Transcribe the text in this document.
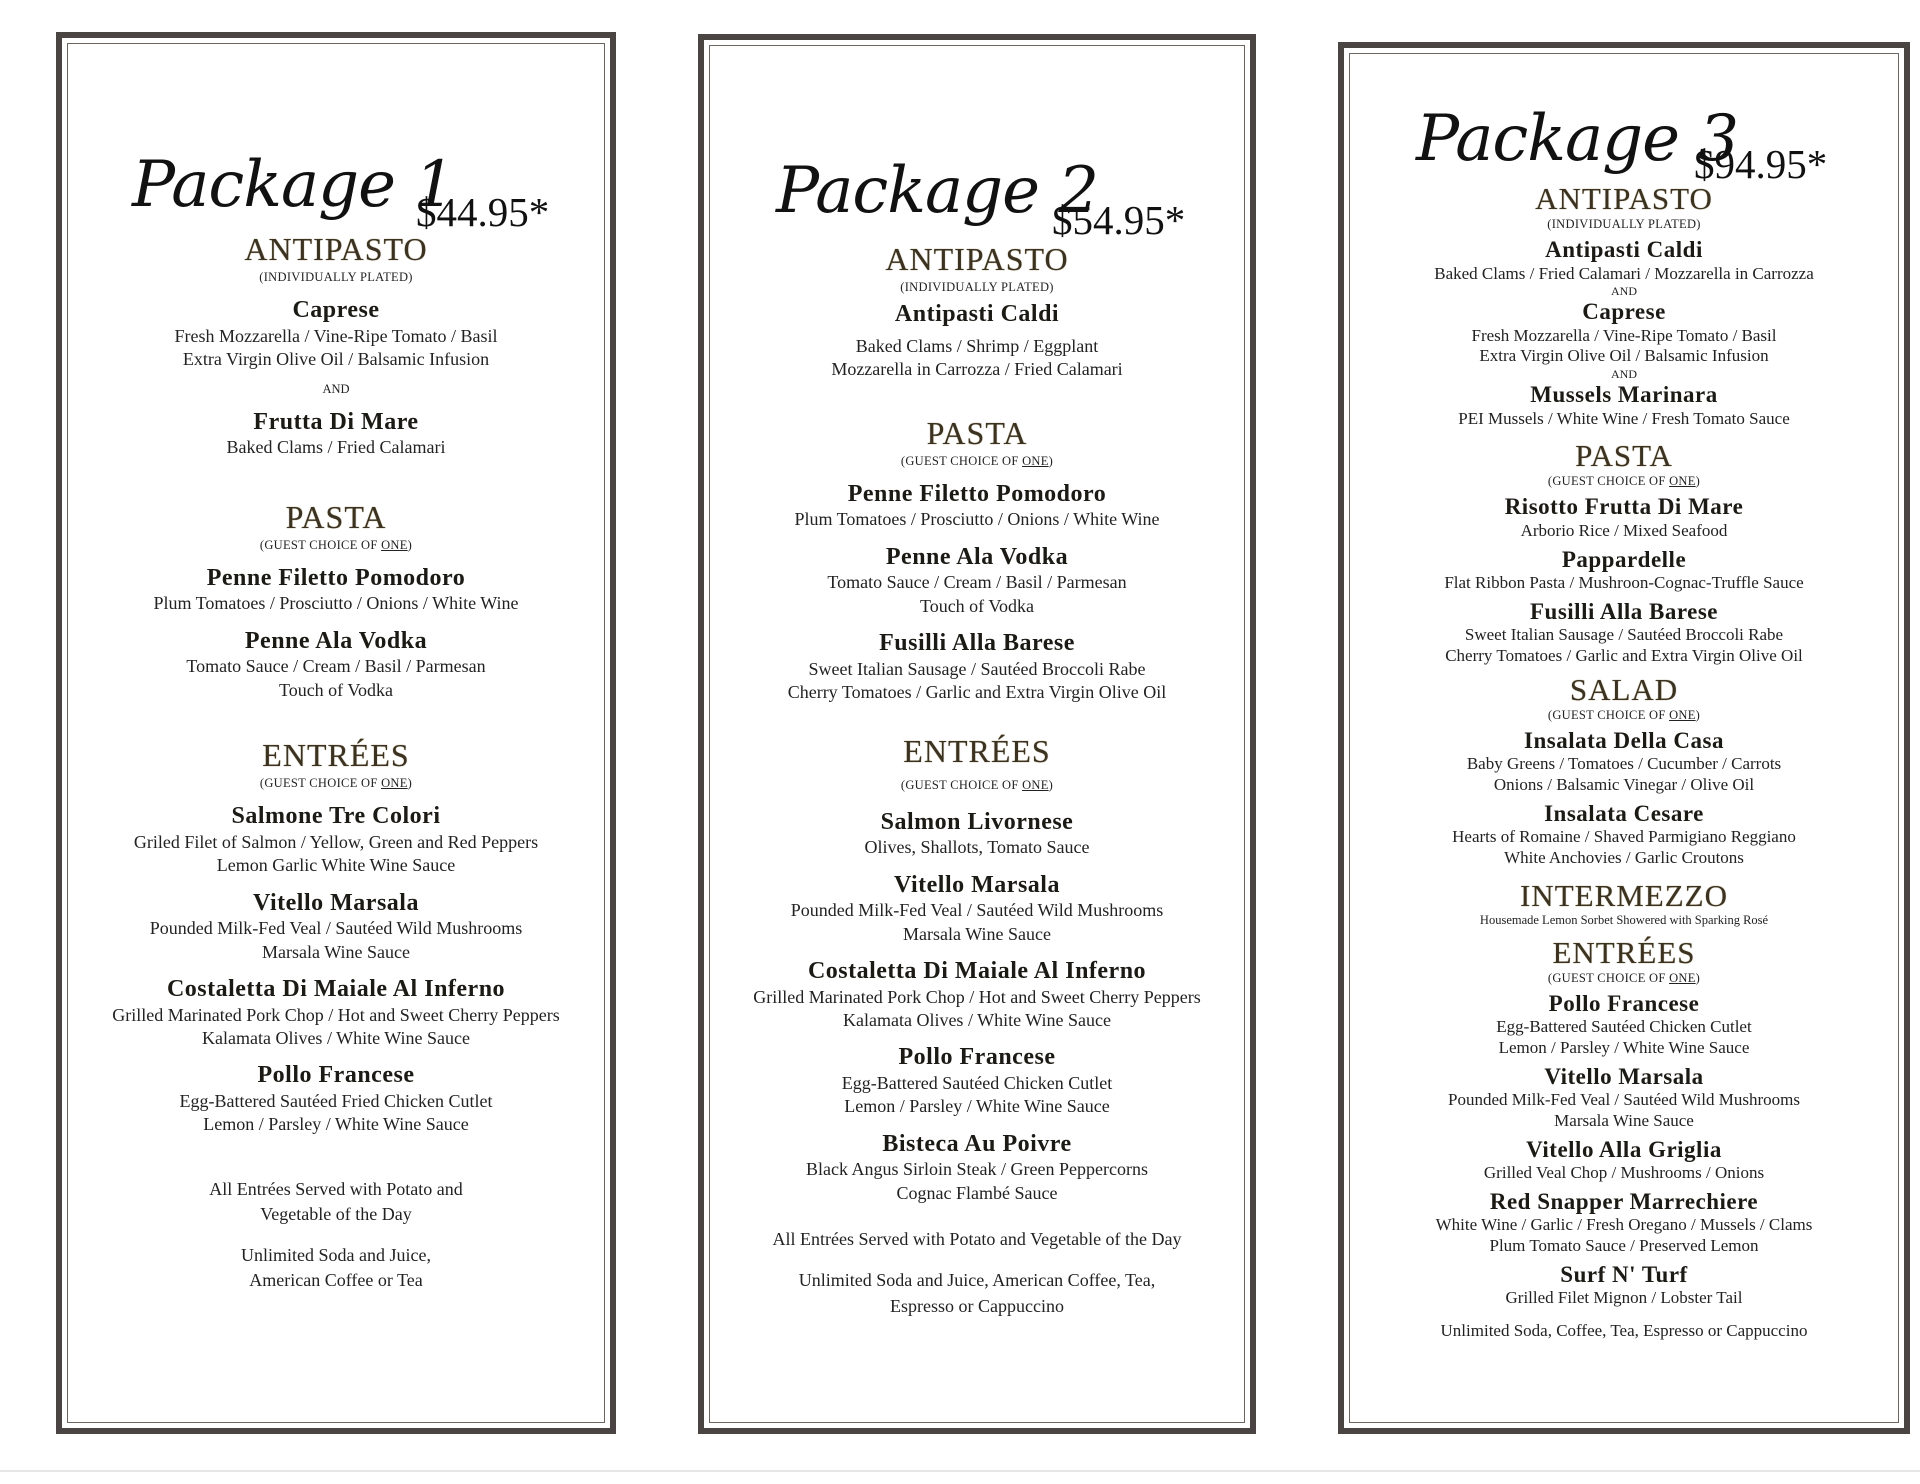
Package 1
$44.95*
ANTIPASTO
(INDIVIDUALLY PLATED)
Caprese
Fresh Mozzarella / Vine-Ripe Tomato / Basil
Extra Virgin Olive Oil / Balsamic Infusion
AND
Frutta Di Mare
Baked Clams / Fried Calamari
PASTA
(GUEST CHOICE OF ONE)
Penne Filetto Pomodoro
Plum Tomatoes / Prosciutto / Onions / White Wine
Penne Ala Vodka
Tomato Sauce / Cream / Basil / Parmesan
Touch of Vodka
ENTRÉES
(GUEST CHOICE OF ONE)
Salmone Tre Colori
Griled Filet of Salmon / Yellow, Green and Red Peppers
Lemon Garlic White Wine Sauce
Vitello Marsala
Pounded Milk-Fed Veal / Sautéed Wild Mushrooms
Marsala Wine Sauce
Costaletta Di Maiale Al Inferno
Grilled Marinated Pork Chop / Hot and Sweet Cherry Peppers
Kalamata Olives / White Wine Sauce
Pollo Francese
Egg-Battered Sautéed Fried Chicken Cutlet
Lemon / Parsley / White Wine Sauce
All Entrées Served with Potato and
Vegetable of the Day
Unlimited Soda and Juice,
American Coffee or Tea
Package 2
$54.95*
ANTIPASTO
(INDIVIDUALLY PLATED)
Antipasti Caldi
Baked Clams / Shrimp / Eggplant
Mozzarella in Carrozza / Fried Calamari
PASTA
(GUEST CHOICE OF ONE)
Penne Filetto Pomodoro
Plum Tomatoes / Prosciutto / Onions / White Wine
Penne Ala Vodka
Tomato Sauce / Cream / Basil / Parmesan
Touch of Vodka
Fusilli Alla Barese
Sweet Italian Sausage / Sautéed Broccoli Rabe
Cherry Tomatoes / Garlic and Extra Virgin Olive Oil
ENTRÉES
(GUEST CHOICE OF ONE)
Salmon Livornese
Olives, Shallots, Tomato Sauce
Vitello Marsala
Pounded Milk-Fed Veal / Sautéed Wild Mushrooms
Marsala Wine Sauce
Costaletta Di Maiale Al Inferno
Grilled Marinated Pork Chop / Hot and Sweet Cherry Peppers
Kalamata Olives / White Wine Sauce
Pollo Francese
Egg-Battered Sautéed Chicken Cutlet
Lemon / Parsley / White Wine Sauce
Bisteca Au Poivre
Black Angus Sirloin Steak / Green Peppercorns
Cognac Flambé Sauce
All Entrées Served with Potato and Vegetable of the Day
Unlimited Soda and Juice, American Coffee, Tea,
Espresso or Cappuccino
Package 3
$94.95*
ANTIPASTO
(INDIVIDUALLY PLATED)
Antipasti Caldi
Baked Clams / Fried Calamari / Mozzarella in Carrozza
AND
Caprese
Fresh Mozzarella / Vine-Ripe Tomato / Basil
Extra Virgin Olive Oil / Balsamic Infusion
AND
Mussels Marinara
PEI Mussels / White Wine / Fresh Tomato Sauce
PASTA
(GUEST CHOICE OF ONE)
Risotto Frutta Di Mare
Arborio Rice / Mixed Seafood
Pappardelle
Flat Ribbon Pasta / Mushroon-Cognac-Truffle Sauce
Fusilli Alla Barese
Sweet Italian Sausage / Sautéed Broccoli Rabe
Cherry Tomatoes / Garlic and Extra Virgin Olive Oil
SALAD
(GUEST CHOICE OF ONE)
Insalata Della Casa
Baby Greens / Tomatoes / Cucumber / Carrots
Onions / Balsamic Vinegar / Olive Oil
Insalata Cesare
Hearts of Romaine / Shaved Parmigiano Reggiano
White Anchovies / Garlic Croutons
INTERMEZZO
Housemade Lemon Sorbet Showered with Sparking Rosé
ENTRÉES
(GUEST CHOICE OF ONE)
Pollo Francese
Egg-Battered Sautéed Chicken Cutlet
Lemon / Parsley / White Wine Sauce
Vitello Marsala
Pounded Milk-Fed Veal / Sautéed Wild Mushrooms
Marsala Wine Sauce
Vitello Alla Griglia
Grilled Veal Chop / Mushrooms / Onions
Red Snapper Marrechiere
White Wine / Garlic / Fresh Oregano / Mussels / Clams
Plum Tomato Sauce / Preserved Lemon
Surf N' Turf
Grilled Filet Mignon / Lobster Tail
Unlimited Soda, Coffee, Tea, Espresso or Cappuccino
